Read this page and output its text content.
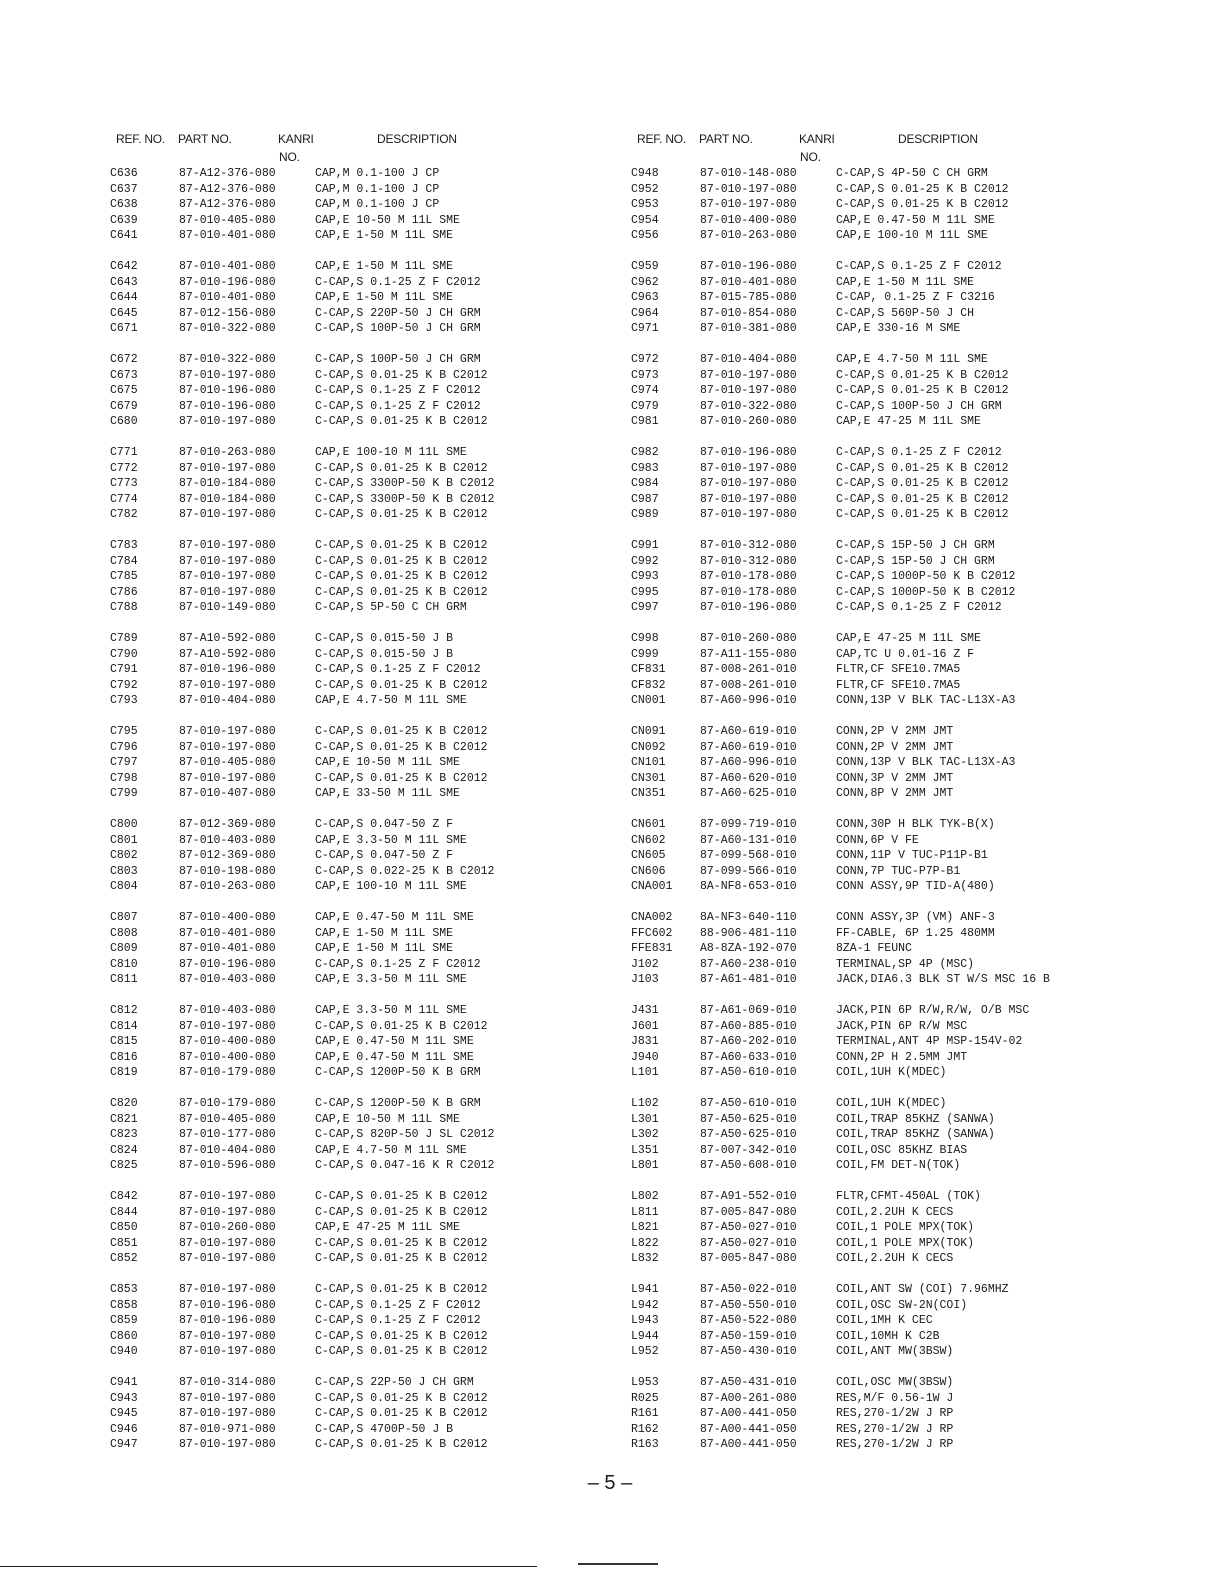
REF. NO. PART NO.	KANRI
NO.
DESCRIPTION
C636	87-A12-376-080	CAP,M 0.1-100 J CP
C637	87-A12-376-080	CAP,M 0.1-100 J CP
C638	87-A12-376-080	CAP,M 0.1-100 J CP
C639	87-010-405-080	CAP,E 10-50 M 11L SME
C641	87-010-401-080	CAP,E 1-50 M 11L SME
C642	87-010-401-080	CAP,E 1-50 M 11L SME
C643	87-010-196-080	C-CAP,S 0.1-25 Z F C2012
C644	87-010-401-080	CAP,E 1-50 M 11L SME
C645	87-012-156-080	C-CAP,S 220P-50 J CH GRM
C671	87-010-322-080	C-CAP,S 100P-50 J CH GRM
C672	87-010-322-080	C-CAP,S 100P-50 J CH GRM
C673	87-010-197-080	C-CAP,S 0.01-25 K B C2012
C675	87-010-196-080	C-CAP,S 0.1-25 Z F C2012
C679	87-010-196-080	C-CAP,S 0.1-25 Z F C2012
C680	87-010-197-080	C-CAP,S 0.01-25 K B C2012
C771	87-010-263-080	CAP,E 100-10 M 11L SME
C772	87-010-197-080	C-CAP,S 0.01-25 K B C2012
C773	87-010-184-080	C-CAP,S 3300P-50 K B C2012
C774	87-010-184-080	C-CAP,S 3300P-50 K B C2012
C782	87-010-197-080	C-CAP,S 0.01-25 K B C2012
C783	87-010-197-080	C-CAP,S 0.01-25 K B C2012
C784	87-010-197-080	C-CAP,S 0.01-25 K B C2012
C785	87-010-197-080	C-CAP,S 0.01-25 K B C2012
C786	87-010-197-080	C-CAP,S 0.01-25 K B C2012
C788	87-010-149-080	C-CAP,S 5P-50 C CH GRM
C789	87-A10-592-080	C-CAP,S 0.015-50 J B
C790	87-A10-592-080	C-CAP,S 0.015-50 J B
C791	87-010-196-080	C-CAP,S 0.1-25 Z F C2012
C792	87-010-197-080	C-CAP,S 0.01-25 K B C2012
C793	87-010-404-080	CAP,E 4.7-50 M 11L SME
C795	87-010-197-080	C-CAP,S 0.01-25 K B C2012
C796	87-010-197-080	C-CAP,S 0.01-25 K B C2012
C797	87-010-405-080	CAP,E 10-50 M 11L SME
C798	87-010-197-080	C-CAP,S 0.01-25 K B C2012
C799	87-010-407-080	CAP,E 33-50 M 11L SME
C800	87-012-369-080	C-CAP,S 0.047-50 Z F
C801	87-010-403-080	CAP,E 3.3-50 M 11L SME
C802	87-012-369-080	C-CAP,S 0.047-50 Z F
C803	87-010-198-080	C-CAP,S 0.022-25 K B C2012
C804	87-010-263-080	CAP,E 100-10 M 11L SME
C807	87-010-400-080	CAP,E 0.47-50 M 11L SME
C808	87-010-401-080	CAP,E 1-50 M 11L SME
C809	87-010-401-080	CAP,E 1-50 M 11L SME
C810	87-010-196-080	C-CAP,S 0.1-25 Z F C2012
C811	87-010-403-080	CAP,E 3.3-50 M 11L SME
C812	87-010-403-080	CAP,E 3.3-50 M 11L SME
C814	87-010-197-080	C-CAP,S 0.01-25 K B C2012
C815	87-010-400-080	CAP,E 0.47-50 M 11L SME
C816	87-010-400-080	CAP,E 0.47-50 M 11L SME
C819	87-010-179-080	C-CAP,S 1200P-50 K B GRM
C820	87-010-179-080	C-CAP,S 1200P-50 K B GRM
C821	87-010-405-080	CAP,E 10-50 M 11L SME
C823	87-010-177-080	C-CAP,S 820P-50 J SL C2012
C824	87-010-404-080	CAP,E 4.7-50 M 11L SME
C825	87-010-596-080	C-CAP,S 0.047-16 K R C2012
C842	87-010-197-080	C-CAP,S 0.01-25 K B C2012
C844	87-010-197-080	C-CAP,S 0.01-25 K B C2012
C850	87-010-260-080	CAP,E 47-25 M 11L SME
C851	87-010-197-080	C-CAP,S 0.01-25 K B C2012
C852	87-010-197-080	C-CAP,S 0.01-25 K B C2012
C853	87-010-197-080	C-CAP,S 0.01-25 K B C2012
C858	87-010-196-080	C-CAP,S 0.1-25 Z F C2012
C859	87-010-196-080	C-CAP,S 0.1-25 Z F C2012
C860	87-010-197-080	C-CAP,S 0.01-25 K B C2012
C940	87-010-197-080	C-CAP,S 0.01-25 K B C2012
C941	87-010-314-080	C-CAP,S 22P-50 J CH GRM
C943	87-010-197-080	C-CAP,S 0.01-25 K B C2012
C945	87-010-197-080	C-CAP,S 0.01-25 K B C2012
C946	87-010-971-080	C-CAP,S 4700P-50 J B
C947	87-010-197-080	C-CAP,S 0.01-25 K B C2012
REF. NO. PART NO.	KANRI
NO.
DESCRIPTION
C948	87-010-148-080	C-CAP,S 4P-50 C CH GRM
C952	87-010-197-080	C-CAP,S 0.01-25 K B C2012
C953	87-010-197-080	C-CAP,S 0.01-25 K B C2012
C954	87-010-400-080	CAP,E 0.47-50 M 11L SME
C956	87-010-263-080	CAP,E 100-10 M 11L SME
C959	87-010-196-080	C-CAP,S 0.1-25 Z F C2012
C962	87-010-401-080	CAP,E 1-50 M 11L SME
C963	87-015-785-080	C-CAP, 0.1-25 Z F C3216
C964	87-010-854-080	C-CAP,S 560P-50 J CH
C971	87-010-381-080	CAP,E 330-16 M SME
C972	87-010-404-080	CAP,E 4.7-50 M 11L SME
C973	87-010-197-080	C-CAP,S 0.01-25 K B C2012
C974	87-010-197-080	C-CAP,S 0.01-25 K B C2012
C979	87-010-322-080	C-CAP,S 100P-50 J CH GRM
C981	87-010-260-080	CAP,E 47-25 M 11L SME
C982	87-010-196-080	C-CAP,S 0.1-25 Z F C2012
C983	87-010-197-080	C-CAP,S 0.01-25 K B C2012
C984	87-010-197-080	C-CAP,S 0.01-25 K B C2012
C987	87-010-197-080	C-CAP,S 0.01-25 K B C2012
C989	87-010-197-080	C-CAP,S 0.01-25 K B C2012
C991	87-010-312-080	C-CAP,S 15P-50 J CH GRM
C992	87-010-312-080	C-CAP,S 15P-50 J CH GRM
C993	87-010-178-080	C-CAP,S 1000P-50 K B C2012
C995	87-010-178-080	C-CAP,S 1000P-50 K B C2012
C997	87-010-196-080	C-CAP,S 0.1-25 Z F C2012
C998	87-010-260-080	CAP,E 47-25 M 11L SME
C999	87-A11-155-080	CAP,TC U 0.01-16 Z F
CF831	87-008-261-010	FLTR,CF SFE10.7MA5
CF832	87-008-261-010	FLTR,CF SFE10.7MA5
CN001	87-A60-996-010	CONN,13P V BLK TAC-L13X-A3
CN091	87-A60-619-010	CONN,2P V 2MM JMT
CN092	87-A60-619-010	CONN,2P V 2MM JMT
CN101	87-A60-996-010	CONN,13P V BLK TAC-L13X-A3
CN301	87-A60-620-010	CONN,3P V 2MM JMT
CN351	87-A60-625-010	CONN,8P V 2MM JMT
CN601	87-099-719-010	CONN,30P H BLK TYK-B(X)
CN602	87-A60-131-010	CONN,6P V FE
CN605	87-099-568-010	CONN,11P V TUC-P11P-B1
CN606	87-099-566-010	CONN,7P TUC-P7P-B1
CNA001 8A-NF8-653-010	CONN ASSY,9P TID-A(480)
CNA002 8A-NF3-640-110	CONN ASSY,3P (VM) ANF-3
FFC602 88-906-481-110	FF-CABLE, 6P 1.25 480MM
FFE831 A8-8ZA-192-070	8ZA-1 FEUNC
J102	87-A60-238-010	TERMINAL,SP 4P (MSC)
J103	87-A61-481-010	JACK,DIA6.3 BLK ST W/S MSC 16 B
J431	87-A61-069-010	JACK,PIN 6P R/W,R/W, O/B MSC
J601	87-A60-885-010	JACK,PIN 6P R/W MSC
J831	87-A60-202-010	TERMINAL,ANT 4P MSP-154V-02
J940	87-A60-633-010	CONN,2P H 2.5MM JMT
L101	87-A50-610-010	COIL,1UH K(MDEC)
L102	87-A50-610-010	COIL,1UH K(MDEC)
L301	87-A50-625-010	COIL,TRAP 85KHZ (SANWA)
L302	87-A50-625-010	COIL,TRAP 85KHZ (SANWA)
L351	87-007-342-010	COIL,OSC 85KHZ BIAS
L801	87-A50-608-010	COIL,FM DET-N(TOK)
L802	87-A91-552-010	FLTR,CFMT-450AL (TOK)
L811	87-005-847-080	COIL,2.2UH K CECS
L821	87-A50-027-010	COIL,1 POLE MPX(TOK)
L822	87-A50-027-010	COIL,1 POLE MPX(TOK)
L832	87-005-847-080	COIL,2.2UH K CECS
L941	87-A50-022-010	COIL,ANT SW (COI) 7.96MHZ
L942	87-A50-550-010	COIL,OSC SW-2N(COI)
L943	87-A50-522-080	COIL,1MH K CEC
L944	87-A50-159-010	COIL,10MH K C2B
L952	87-A50-430-010	COIL,ANT MW(3BSW)
L953	87-A50-431-010	COIL,OSC MW(3BSW)
R025	87-A00-261-080	RES,M/F 0.56-1W J
R161	87-A00-441-050	RES,270-1/2W J RP
R162	87-A00-441-050	RES,270-1/2W J RP
R163	87-A00-441-050	RES,270-1/2W J RP
– 5 –
